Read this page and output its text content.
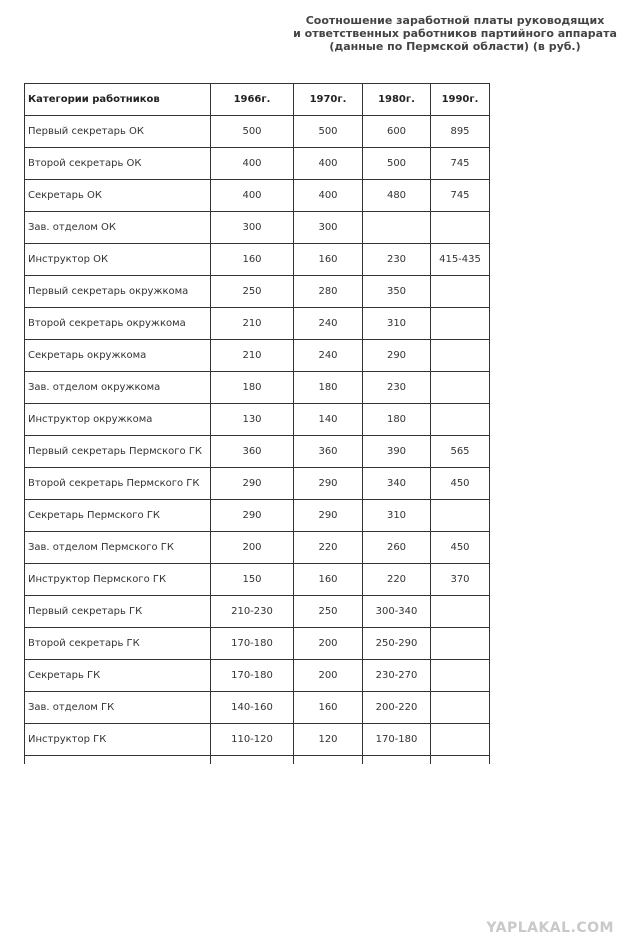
Соотношение заработной платы руководящих
и ответственных работников партийного аппарата
(данные по Пермской области) (в руб.)
Категории работников	1966г.	1970г.	1980г.	1990г.
Первый секретарь ОК	500	500	600	895
Второй секретарь ОК	400	400	500	745
Секретарь ОК	400	400	480	745
Зав. отделом ОК	300	300		
Инструктор ОК	160	160	230	415-435
Первый секретарь окружкома	250	280	350	
Второй секретарь окружкома	210	240	310	
Секретарь окружкома	210	240	290	
Зав. отделом окружкома	180	180	230	
Инструктор окружкома	130	140	180	
Первый секретарь Пермского ГК	360	360	390	565
Второй секретарь Пермского ГК	290	290	340	450
Секретарь Пермского ГК	290	290	310	
Зав. отделом Пермского ГК	200	220	260	450
Инструктор Пермского ГК	150	160	220	370
Первый секретарь ГК	210-230	250	300-340	
Второй секретарь ГК	170-180	200	250-290	
Секретарь ГК	170-180	200	230-270	
Зав. отделом ГК	140-160	160	200-220	
Инструктор ГК	110-120	120	170-180	

YAPLAKAL.COM
